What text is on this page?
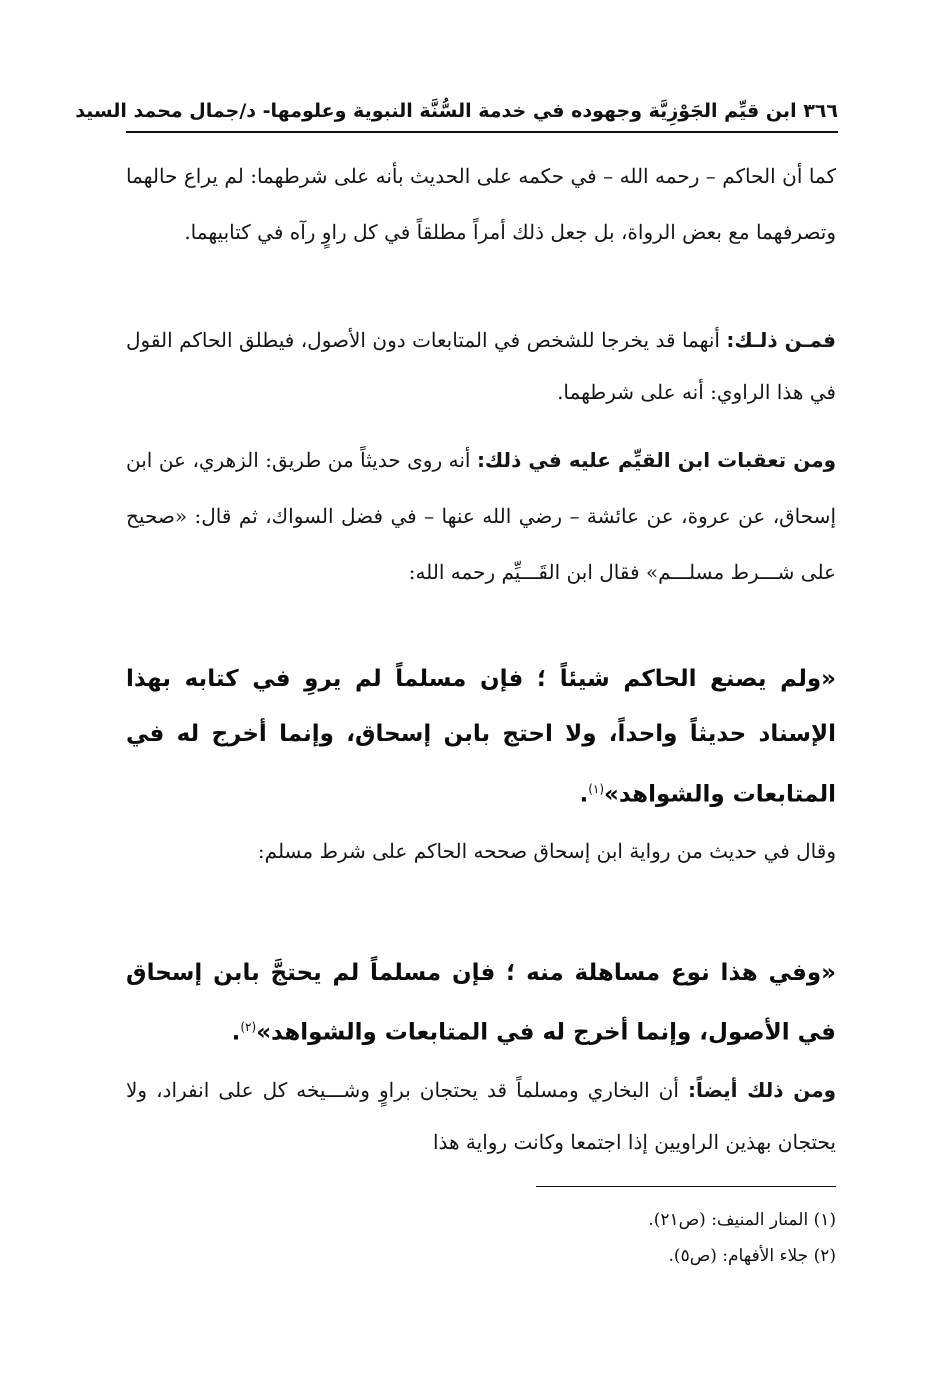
٣٦٦ ابن قيِّم الجَوْزِيَّة وجهوده في خدمة السُّنَّة النبوية وعلومها- د/جمال محمد السيد

كما أن الحاكم – رحمه الله – في حكمه على الحديث بأنه على شرطهما: لم يراع حالهما وتصرفهما مع بعض الرواة، بل جعل ذلك أمراً مطلقاً في كل راوٍ رآه في كتابيهما.

فمـن ذلـك: أنهما قد يخرجا للشخص في المتابعات دون الأصول، فيطلق الحاكم القول في هذا الراوي: أنه على شرطهما.

ومن تعقبات ابن القيِّم عليه في ذلك: أنه روى حديثاً من طريق: الزهري، عن ابن إسحاق، عن عروة، عن عائشة – رضي الله عنها – في فضل السواك، ثم قال: «صحيح على شـــرط مسلـــم» فقال ابن القَـــيِّم رحمه الله:

«ولم يصنع الحاكم شيئاً ؛ فإن مسلماً لم يروِ في كتابه بهذا الإسناد حديثاً واحداً، ولا احتج بابن إسحاق، وإنما أخرج له في المتابعات والشواهد»$^{(١)}$.

وقال في حديث من رواية ابن إسحاق صححه الحاكم على شرط مسلم:

«وفي هذا نوع مساهلة منه ؛ فإن مسلماً لم يحتجَّ بابن إسحاق في الأصول، وإنما أخرج له في المتابعات والشواهد»$^{(٢)}$.

ومن ذلك أيضاً: أن البخاري ومسلماً قد يحتجان براوٍ وشـــيخه كل على انفراد، ولا يحتجان بهذين الراويين إذا اجتمعا وكانت رواية هذا

(١) المنار المنيف: (ص٢١).
(٢) جلاء الأفهام: (ص٥).
